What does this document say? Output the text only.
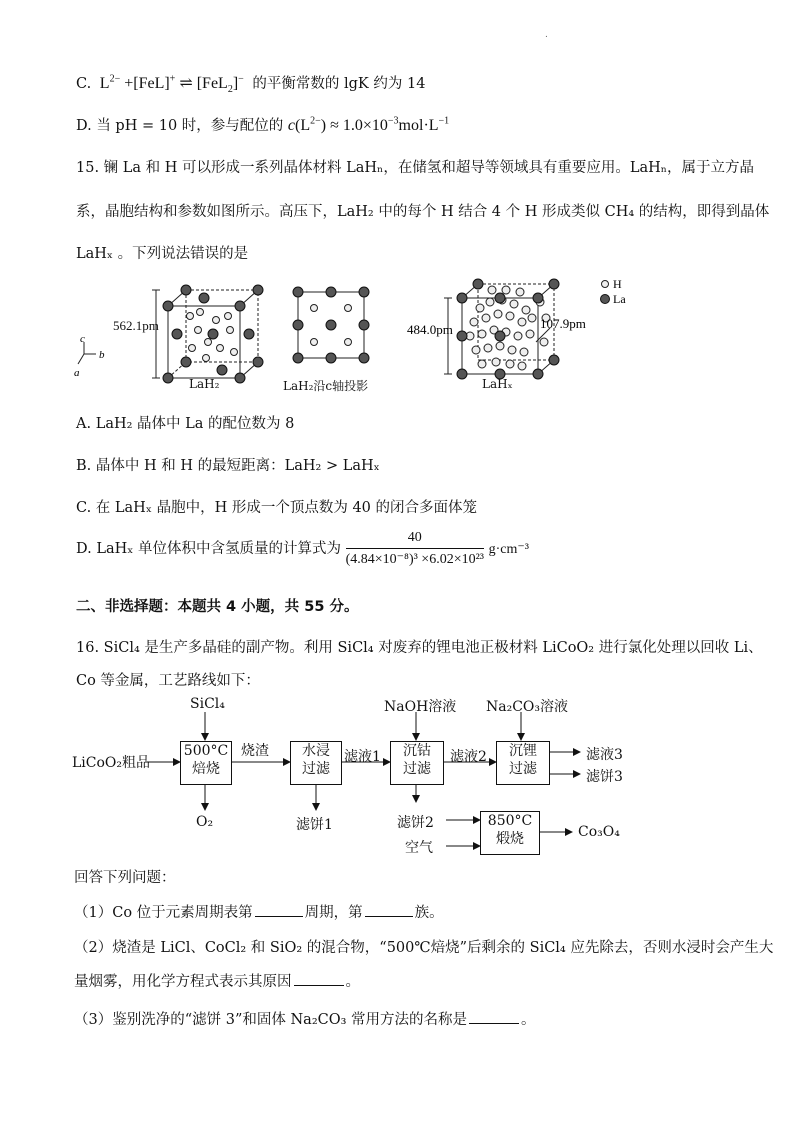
.
C.  $L^{2-} +[FeL]^+$ ⇌ [FeL$_2$]− 的平衡常数的 lgK 约为 14
D. 当 pH = 10 时，参与配位的 $c(L^{2-}) \approx 1.0\times 10^{-3}mol\cdot L^{-1}$
15. 镧 La 和 H 可以形成一系列晶体材料 LaHₙ，在储氢和超导等领域具有重要应用。LaHₙ，属于立方晶
系，晶胞结构和参数如图所示。高压下，LaH₂ 中的每个 H 结合 4 个 H 形成类似 CH₄ 的结构，即得到晶体
LaHₓ 。下列说法错误的是
562.1pm
c
b
a
484.0pm	107.9pm
H
La
LaH₂	LaH₂沿c轴投影	LaHₓ
A. LaH₂ 晶体中 La 的配位数为 8
B. 晶体中 H 和 H 的最短距离：LaH₂ > LaHₓ
C. 在 LaHₓ 晶胞中，H 形成一个顶点数为 40 的闭合多面体笼
D. LaHₓ 单位体积中含氢质量的计算式为 $\frac{40}{\text{(4.84×10⁻⁸)³ ×6.02×10²³}} g\cdot cm^{-3}$
二、非选择题：本题共 4 小题，共 55 分。
16. SiCl₄ 是生产多晶硅的副产物。利用 SiCl₄ 对废弃的锂电池正极材料 LiCoO₂ 进行氯化处理以回收 Li、
Co 等金属，工艺路线如下：
SiCl₄	NaOH溶液 Na₂CO₃溶液
LiCoO₂粗品
500°C
焙烧
烧渣	水浸
过滤
滤液1	沉钴
过滤
滤液2	沉锂
过滤
滤液3
滤饼3
O₂	滤饼1	滤饼2
空气
850°C
煅烧	Co₃O₄
回答下列问题：
（1）Co 位于元素周期表第	周期，第	族。
（2）烧渣是 LiCl、CoCl₂ 和 SiO₂ 的混合物，“500℃焙烧”后剩余的 SiCl₄ 应先除去，否则水浸时会产生大
量烟雾，用化学方程式表示其原因	。
（3）鉴别洗净的“滤饼 3”和固体 Na₂CO₃ 常用方法的名称是	。
